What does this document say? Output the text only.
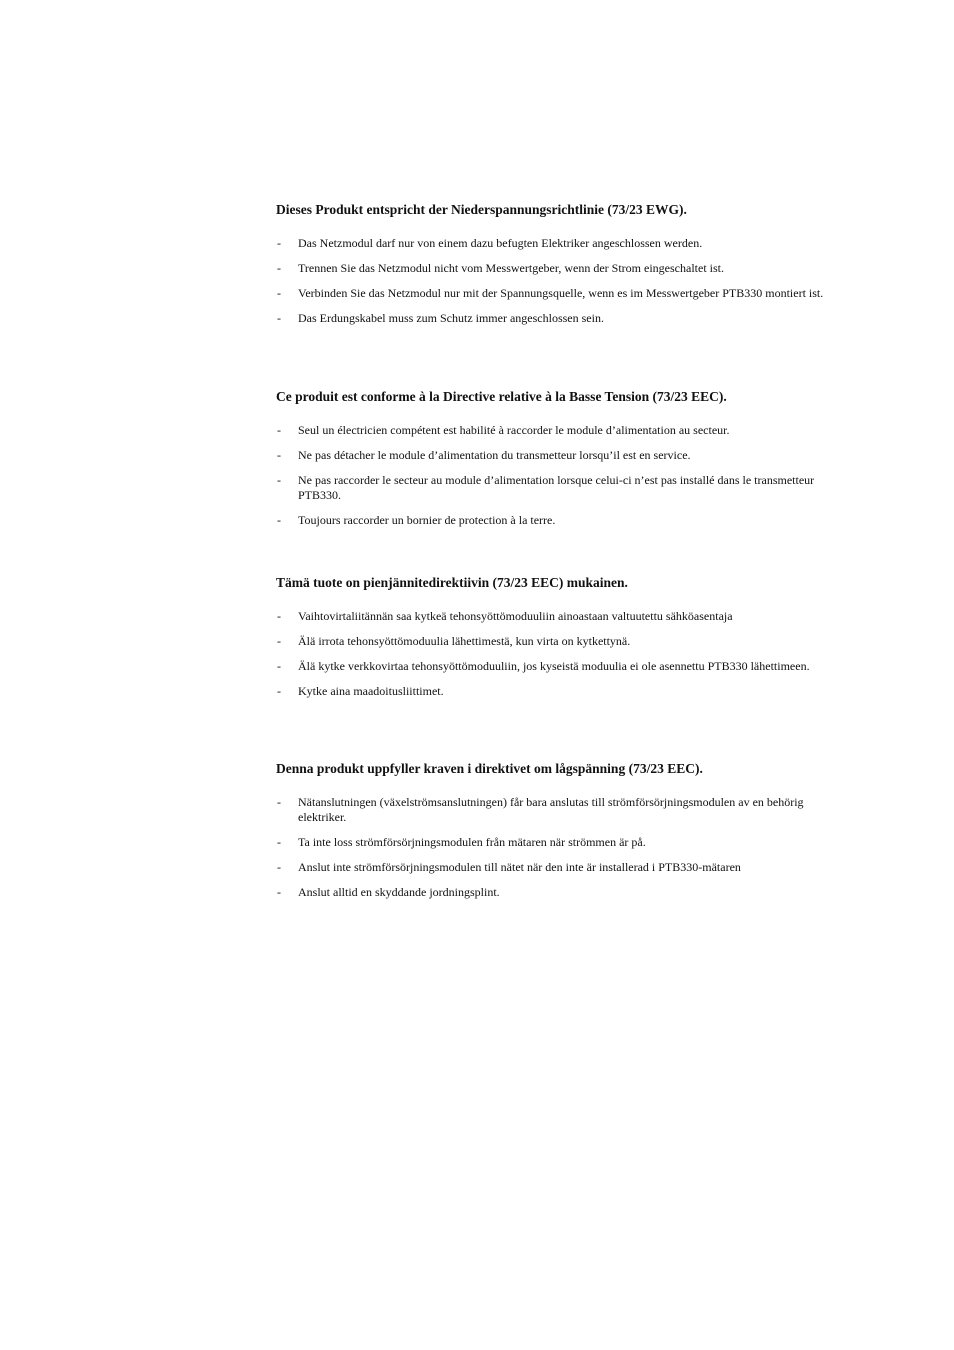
Dieses Produkt entspricht der Niederspannungsrichtlinie (73/23 EWG).
- Das Netzmodul darf nur von einem dazu befugten Elektriker angeschlossen werden.
- Trennen Sie das Netzmodul nicht vom Messwertgeber, wenn der Strom eingeschaltet ist.
- Verbinden Sie das Netzmodul nur mit der Spannungsquelle, wenn es im Messwertgeber PTB330 montiert ist.
- Das Erdungskabel muss zum Schutz immer angeschlossen sein.
Ce produit est conforme à la Directive relative à la Basse Tension (73/23 EEC).
- Seul un électricien compétent est habilité à raccorder le module d’alimentation au secteur.
- Ne pas détacher le module d’alimentation du transmetteur lorsqu’il est en service.
- Ne pas raccorder le secteur au module d’alimentation lorsque celui-ci n’est pas installé dans le transmetteur PTB330.
- Toujours raccorder un bornier de protection à la terre.
Tämä tuote on pienjännitedirektiivin (73/23 EEC) mukainen.
- Vaihtovirtaliitännän saa kytkeä tehonsyöttömoduuliin ainoastaan valtuutettu sähköasentaja
- Älä irrota tehonsyöttömoduulia lähettimestä, kun virta on kytkettynä.
- Älä kytke verkkovirtaa tehonsyöttömoduuliin, jos kyseistä moduulia ei ole asennettu PTB330 lähettimeen.
- Kytke aina maadoitusliittimet.
Denna produkt uppfyller kraven i direktivet om lågspänning (73/23 EEC).
- Nätanslutningen (växelströmsanslutningen) får bara anslutas till strömförsörjningsmodulen av en behörig elektriker.
- Ta inte loss strömförsörjningsmodulen från mätaren när strömmen är på.
- Anslut inte strömförsörjningsmodulen till nätet när den inte är installerad i PTB330-mätaren
- Anslut alltid en skyddande jordningsplint.
